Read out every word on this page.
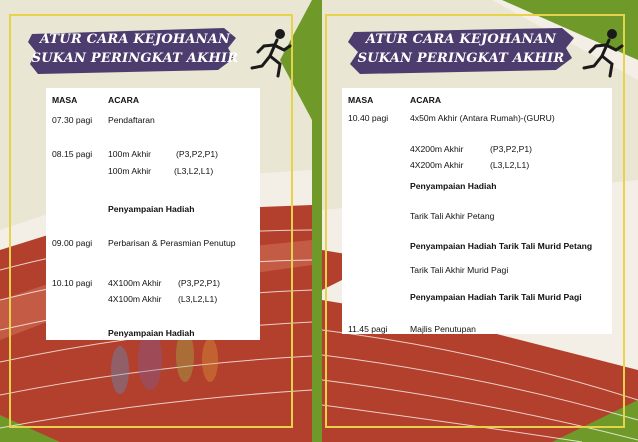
ATUR CARA KEJOHANAN
SUKAN PERINGKAT AKHIR
MASA	ACARA
07.30 pagi Pendaftaran
08.15 pagi 100m Akhir	(P3,P2,P1)
100m Akhir	(L3,L2,L1)
Penyampaian Hadiah
09.00 pagi Perbarisan & Perasmian Penutup
10.10 pagi 4X100m Akhir (P3,P2,P1)
4X100m Akhir (L3,L2,L1)
Penyampaian Hadiah
ATUR CARA KEJOHANAN
SUKAN PERINGKAT AKHIR
MASA	ACARA
10.40 pagi	4x50m Akhir (Antara Rumah)-(GURU)
4X200m Akhir	(P3,P2,P1)
4X200m Akhir	(L3,L2,L1)
Penyampaian Hadiah
Tarik Tali Akhir Petang
Penyampaian Hadiah Tarik Tali Murid Petang
Tarik Tali Akhir Murid Pagi
Penyampaian Hadiah Tarik Tali Murid Pagi
11.45 pagi	Majlis Penutupan
